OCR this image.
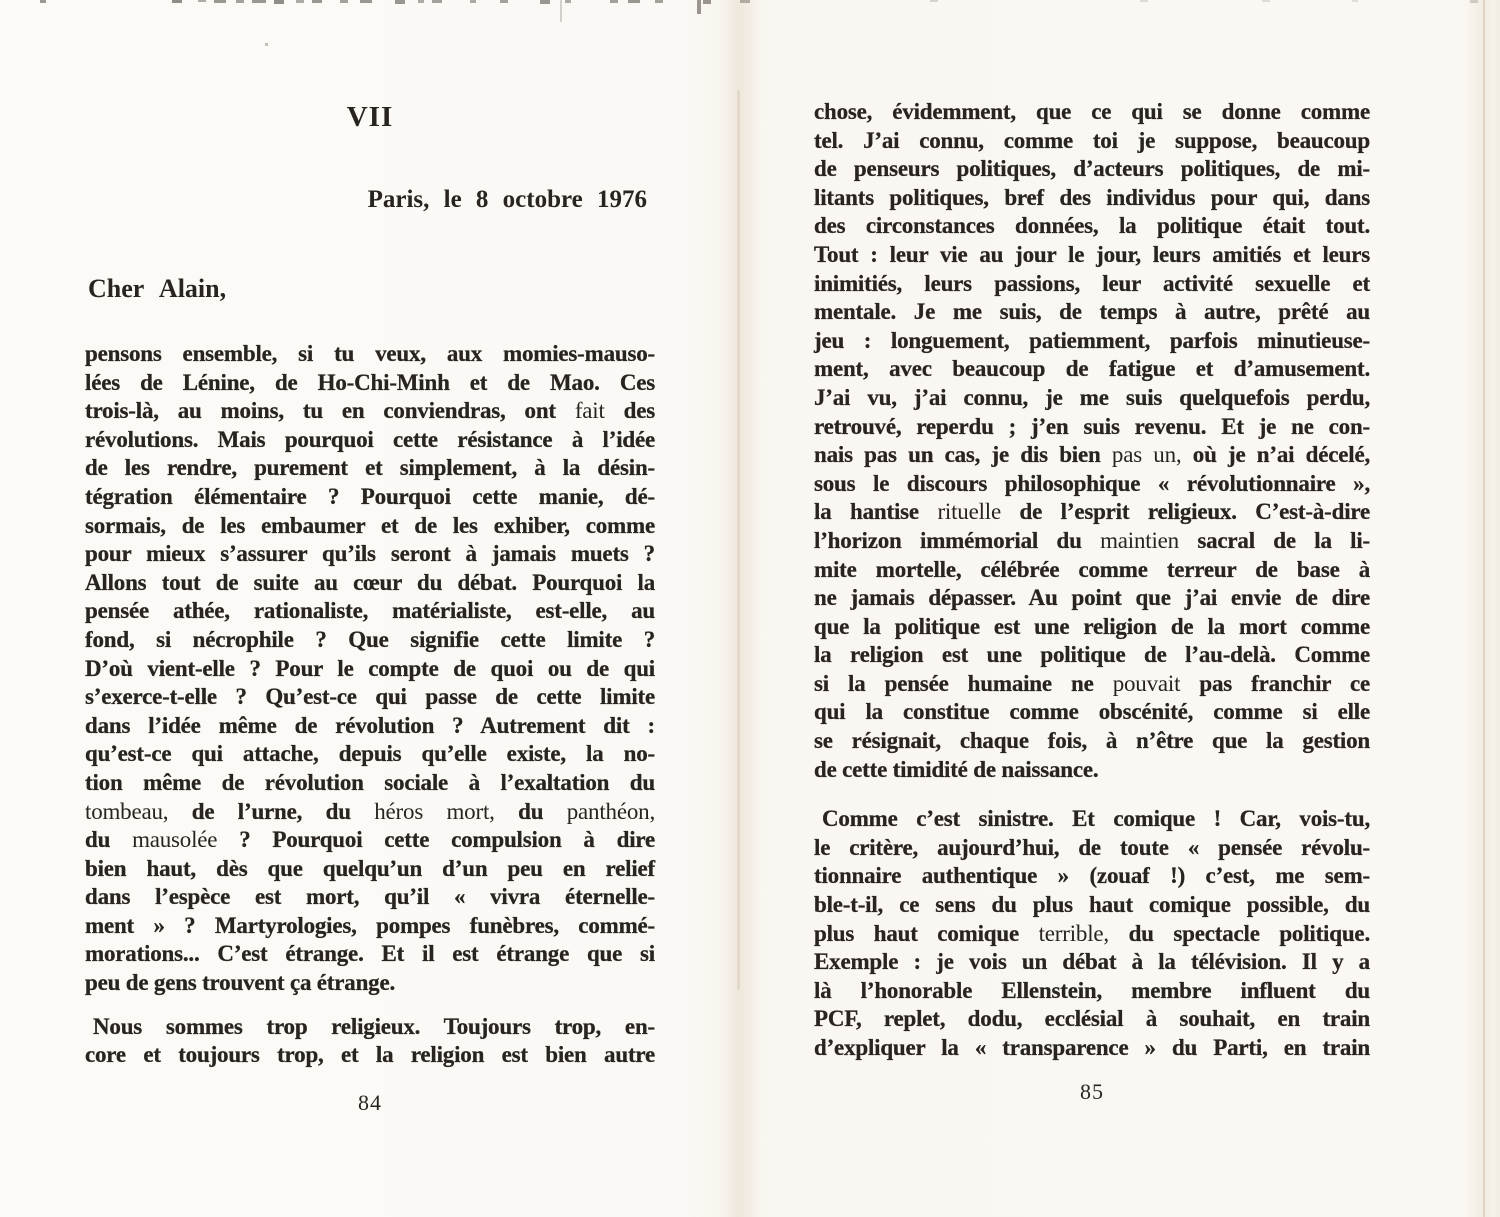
VII
Paris, le 8 octobre 1976
Cher Alain,
pensons ensemble, si tu veux, aux momies-mauso-
lées de Lénine, de Ho-Chi-Minh et de Mao. Ces
trois-là, au moins, tu en conviendras, ont fait des
révolutions. Mais pourquoi cette résistance à l’idée
de les rendre, purement et simplement, à la désin-
tégration élémentaire ? Pourquoi cette manie, dé-
sormais, de les embaumer et de les exhiber, comme
pour mieux s’assurer qu’ils seront à jamais muets ?
Allons tout de suite au cœur du débat. Pourquoi la
pensée athée, rationaliste, matérialiste, est-elle, au
fond, si nécrophile ? Que signifie cette limite ?
D’où vient-elle ? Pour le compte de quoi ou de qui
s’exerce-t-elle ? Qu’est-ce qui passe de cette limite
dans l’idée même de révolution ? Autrement dit :
qu’est-ce qui attache, depuis qu’elle existe, la no-
tion même de révolution sociale à l’exaltation du
tombeau, de l’urne, du héros mort, du panthéon,
du mausolée ? Pourquoi cette compulsion à dire
bien haut, dès que quelqu’un d’un peu en relief
dans l’espèce est mort, qu’il « vivra éternelle-
ment » ? Martyrologies, pompes funèbres, commé-
morations... C’est étrange. Et il est étrange que si
peu de gens trouvent ça étrange.
Nous sommes trop religieux. Toujours trop, en-
core et toujours trop, et la religion est bien autre
84
chose, évidemment, que ce qui se donne comme
tel. J’ai connu, comme toi je suppose, beaucoup
de penseurs politiques, d’acteurs politiques, de mi-
litants politiques, bref des individus pour qui, dans
des circonstances données, la politique était tout.
Tout : leur vie au jour le jour, leurs amitiés et leurs
inimitiés, leurs passions, leur activité sexuelle et
mentale. Je me suis, de temps à autre, prêté au
jeu : longuement, patiemment, parfois minutieuse-
ment, avec beaucoup de fatigue et d’amusement.
J’ai vu, j’ai connu, je me suis quelquefois perdu,
retrouvé, reperdu ; j’en suis revenu. Et je ne con-
nais pas un cas, je dis bien pas un, où je n’ai décelé,
sous le discours philosophique « révolutionnaire »,
la hantise rituelle de l’esprit religieux. C’est-à-dire
l’horizon immémorial du maintien sacral de la li-
mite mortelle, célébrée comme terreur de base à
ne jamais dépasser. Au point que j’ai envie de dire
que la politique est une religion de la mort comme
la religion est une politique de l’au-delà. Comme
si la pensée humaine ne pouvait pas franchir ce
qui la constitue comme obscénité, comme si elle
se résignait, chaque fois, à n’être que la gestion
de cette timidité de naissance.
Comme c’est sinistre. Et comique ! Car, vois-tu,
le critère, aujourd’hui, de toute « pensée révolu-
tionnaire authentique » (zouaf !) c’est, me sem-
ble-t-il, ce sens du plus haut comique possible, du
plus haut comique terrible, du spectacle politique.
Exemple : je vois un débat à la télévision. Il y a
là l’honorable Ellenstein, membre influent du
PCF, replet, dodu, ecclésial à souhait, en train
d’expliquer la « transparence » du Parti, en train
85
